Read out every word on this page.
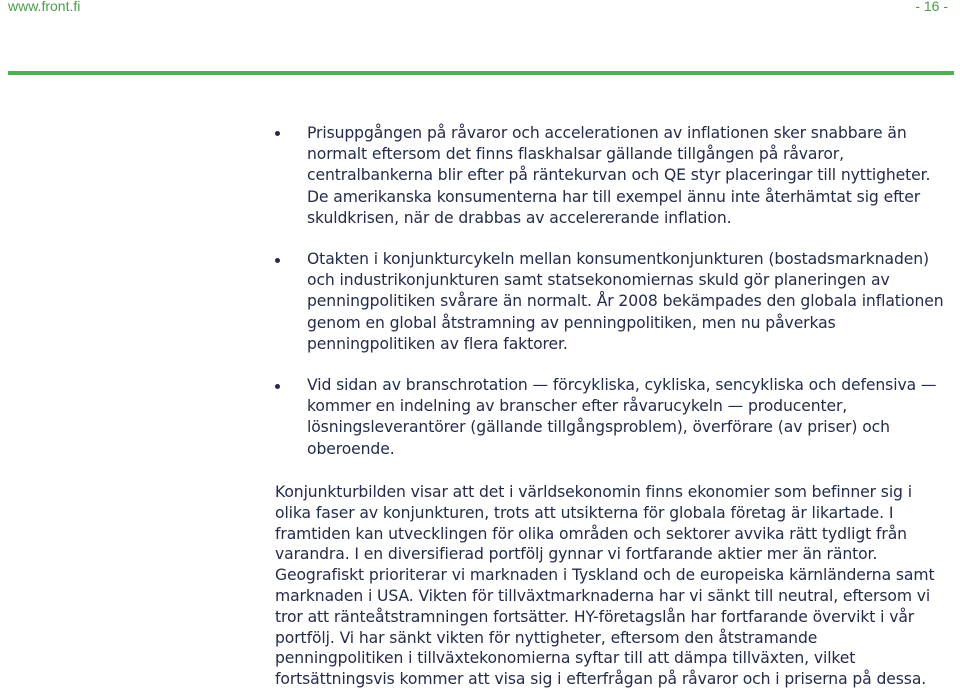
www.front.fi	- 16 -
Prisuppgången på råvaror och accelerationen av inflationen sker snabbare än
normalt eftersom det finns flaskhalsar gällande tillgången på råvaror,
centralbankerna blir efter på räntekurvan och QE styr placeringar till nyttigheter.
De amerikanska konsumenterna har till exempel ännu inte återhämtat sig efter
skuldkrisen, när de drabbas av accelererande inflation.
Otakten i konjunkturcykeln mellan konsumentkonjunkturen (bostadsmarknaden)
och industrikonjunkturen samt statsekonomiernas skuld gör planeringen av
penningpolitiken svårare än normalt. År 2008 bekämpades den globala inflationen
genom en global åtstramning av penningpolitiken, men nu påverkas
penningpolitiken av flera faktorer.
Vid sidan av branschrotation — förcykliska, cykliska, sencykliska och defensiva —
kommer en indelning av branscher efter råvarucykeln — producenter,
lösningsleverantörer (gällande tillgångsproblem), överförare (av priser) och
oberoende.
Konjunkturbilden visar att det i världsekonomin finns ekonomier som befinner sig i
olika faser av konjunkturen, trots att utsikterna för globala företag är likartade. I
framtiden kan utvecklingen för olika områden och sektorer avvika rätt tydligt från
varandra. I en diversifierad portfölj gynnar vi fortfarande aktier mer än räntor.
Geografiskt prioriterar vi marknaden i Tyskland och de europeiska kärnländerna samt
marknaden i USA. Vikten för tillväxtmarknaderna har vi sänkt till neutral, eftersom vi
tror att ränteåtstramningen fortsätter. HY-företagslån har fortfarande övervikt i vår
portfölj. Vi har sänkt vikten för nyttigheter, eftersom den åtstramande
penningpolitiken i tillväxtekonomierna syftar till att dämpa tillväxten, vilket
fortsättningsvis kommer att visa sig i efterfrågan på råvaror och i priserna på dessa.
